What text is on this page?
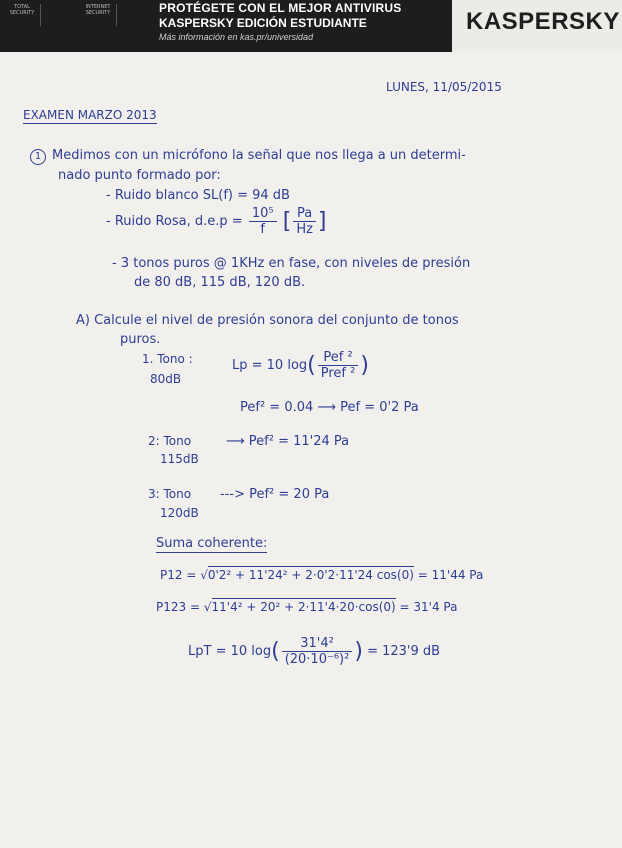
TOTAL SECURITY
INTERNET SECURITY	PROTÉGETE CON EL MEJOR ANTIVIRUS
KASPERSKY EDICIÓN ESTUDIANTE
Más información en kas.pr/universidad
KASPERSKY
LUNES, 11/05/2015
EXAMEN MARZO 2013
1 Medimos con un micrófono la señal que nos llega a un determi-
nado punto formado por:
- Ruido blanco SL(f) = 94 dB
- Ruido Rosa, $d.e.p = \frac{\text{10⁵}}{f}$ [ $\frac{Pa}{Hz}$ ]
- 3 tonos puros @ 1KHz en fase, con niveles de presión
de 80 dB, 115 dB, 120 dB.
A) Calcule el nivel de presión sonora del conjunto de tonos
puros.
1. Tono :
80dB
Lp = 10 $\log( \frac{\text{Pef ²}}{\text{Pref ²}}$ )
Pef² = 0.04 ⟶ Pef = 0'2 Pa
2: Tono
115dB
⟶ Pef² = 11'24 Pa
3: Tono
120dB
---> Pef² = 20 Pa
Suma coherente:
P12 = √0'2² + 11'24² + 2·0'2·11'24 cos(0) = 11'44 Pa
P123 = √11'4² + 20² + 2·11'4·20·cos(0) = 31'4 Pa
LpT = 10 $\log( \frac{\text{31'4²}}{\text{(20·10⁻⁶)²}}$ ) = 123'9 dB
